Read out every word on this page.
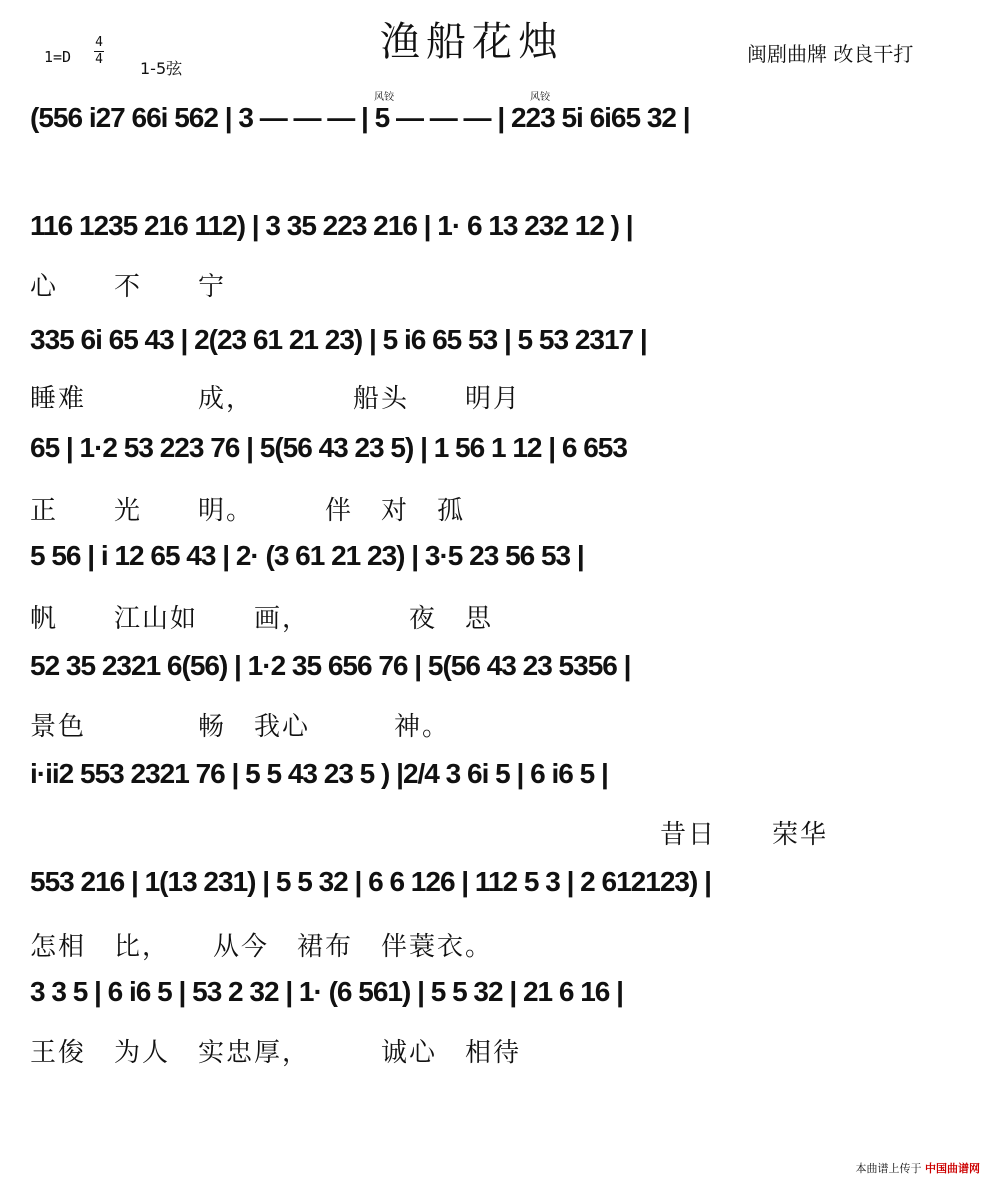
渔船花烛
1=D
4
4 1-5弦
闽剧曲牌 改良干打
风铰	风铰
(556 i27 66i 562 | 3 — — — | 5 — — — | 223 5i 6i65 32 |
116 1235 216 112) | 3 35 223 216 | 1· 6 13 232 12 ) |
心　　不　　宁
335 6i 65 43 | 2(23 61 21 23) | 5 i6 65 53 | 5 53 2317 |
睡难　　　　成，　　　　船头　　明月
65 | 1·2 53 223 76 | 5(56 43 23 5) | 1 56 1 12 | 6 653
正　　光　　明。　　　伴　对　孤
5 56 | i 12 65 43 | 2· (3 61 21 23) | 3·5 23 56 53 |
帆　　江山如　　画，　　　　夜　思
52 35 2321 6(56) | 1·2 35 656 76 | 5(56 43 23 5356 |
景色　　　　畅　我心　　　神。
i·ii2 553 2321 76 | 5 5 43 23 5 ) |2/4 3 6i 5 | 6 i6 5 |
昔日　　荣华
553 216 | 1(13 231) | 5 5 32 | 6 6 126 | 112 5 3 | 2 612123) |
怎相　比，　　从今　裙布　伴蓑衣。
3 3 5 | 6 i6 5 | 53 2 32 | 1· (6 561) | 5 5 32 | 21 6 16 |
王俊　为人　实忠厚，　　　诚心　相待
本曲谱上传于 中国曲谱网
